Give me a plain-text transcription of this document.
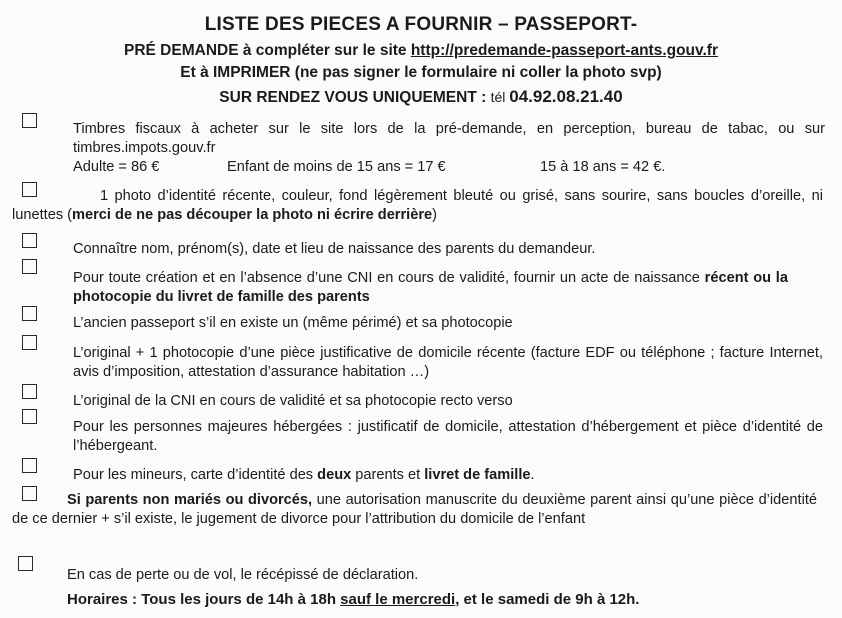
LISTE DES PIECES A FOURNIR – PASSEPORT-
PRÉ DEMANDE à compléter sur le site http://predemande-passeport-ants.gouv.fr
Et à IMPRIMER (ne pas signer le formulaire ni coller la photo svp)
SUR RENDEZ VOUS UNIQUEMENT : tél 04.92.08.21.40
Timbres fiscaux à acheter sur le site lors de la pré-demande, en perception, bureau de tabac, ou sur timbres.impots.gouv.fr
Adulte = 86 €	Enfant de moins de 15 ans = 17 €	15 à 18 ans = 42 €.
1 photo d’identité récente, couleur, fond légèrement bleuté ou grisé, sans sourire, sans boucles d’oreille, ni lunettes (merci de ne pas découper la photo ni écrire derrière)
Connaître nom, prénom(s), date et lieu de naissance des parents du demandeur.
Pour toute création et en l’absence d’une CNI en cours de validité, fournir un acte de naissance récent ou la photocopie du livret de famille des parents
L’ancien passeport s’il en existe un (même périmé) et sa photocopie
L’original + 1 photocopie d’une pièce justificative de domicile récente (facture EDF ou téléphone ; facture Internet, avis d’imposition, attestation d’assurance habitation …)
L’original de la CNI en cours de validité et sa photocopie recto verso
Pour les personnes majeures hébergées : justificatif de domicile, attestation d’hébergement et pièce d’identité de l’hébergeant.
Pour les mineurs, carte d’identité des deux parents et livret de famille.
Si parents non mariés ou divorcés, une autorisation manuscrite du deuxième parent ainsi qu’une pièce d’identité de ce dernier + s’il existe, le jugement de divorce pour l’attribution du domicile de l’enfant
En cas de perte ou de vol, le récépissé de déclaration.
Horaires : Tous les jours de 14h à 18h sauf le mercredi, et le samedi de 9h à 12h.
